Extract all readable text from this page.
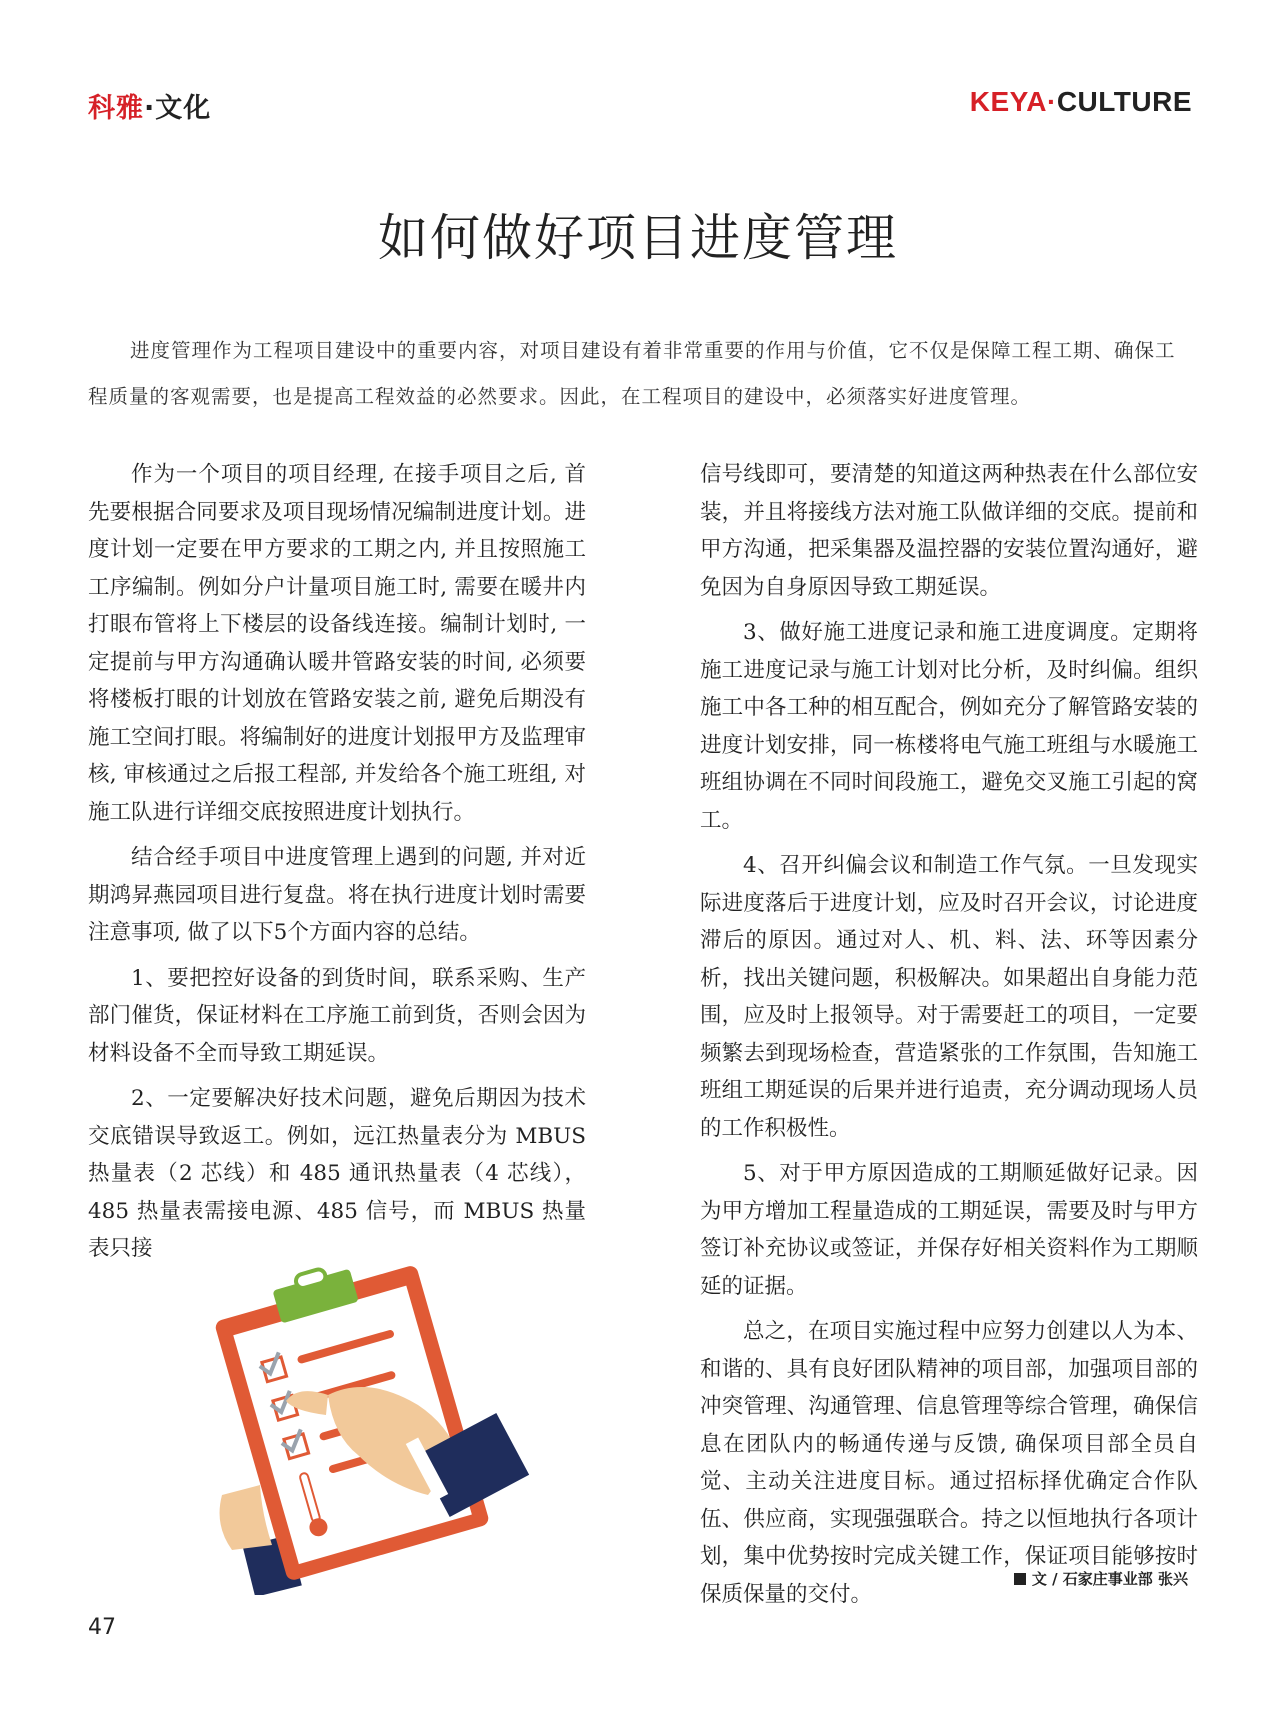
科雅·文化	KEYA·CULTURE
如何做好项目进度管理
进度管理作为工程项目建设中的重要内容，对项目建设有着非常重要的作用与价值，它不仅是保障工程工期、确保工程质量的客观需要，也是提高工程效益的必然要求。因此，在工程项目的建设中，必须落实好进度管理。

作为一个项目的项目经理, 在接手项目之后, 首先要根据合同要求及项目现场情况编制进度计划。进度计划一定要在甲方要求的工期之内, 并且按照施工工序编制。例如分户计量项目施工时, 需要在暖井内打眼布管将上下楼层的设备线连接。编制计划时, 一定提前与甲方沟通确认暖井管路安装的时间, 必须要将楼板打眼的计划放在管路安装之前, 避免后期没有施工空间打眼。将编制好的进度计划报甲方及监理审核, 审核通过之后报工程部, 并发给各个施工班组, 对施工队进行详细交底按照进度计划执行。

结合经手项目中进度管理上遇到的问题, 并对近期鸿昇燕园项目进行复盘。将在执行进度计划时需要注意事项, 做了以下5个方面内容的总结。

1、要把控好设备的到货时间，联系采购、生产部门催货，保证材料在工序施工前到货，否则会因为材料设备不全而导致工期延误。

2、一定要解决好技术问题，避免后期因为技术交底错误导致返工。例如，远江热量表分为 MBUS 热量表（2 芯线）和 485 通讯热量表（4 芯线），485 热量表需接电源、485 信号，而 MBUS 热量表只接

信号线即可，要清楚的知道这两种热表在什么部位安装，并且将接线方法对施工队做详细的交底。提前和甲方沟通，把采集器及温控器的安装位置沟通好，避免因为自身原因导致工期延误。

3、做好施工进度记录和施工进度调度。定期将施工进度记录与施工计划对比分析，及时纠偏。组织施工中各工种的相互配合，例如充分了解管路安装的进度计划安排，同一栋楼将电气施工班组与水暖施工班组协调在不同时间段施工，避免交叉施工引起的窝工。

4、召开纠偏会议和制造工作气氛。一旦发现实际进度落后于进度计划，应及时召开会议，讨论进度滞后的原因。通过对人、机、料、法、环等因素分析，找出关键问题，积极解决。如果超出自身能力范围，应及时上报领导。对于需要赶工的项目，一定要频繁去到现场检查，营造紧张的工作氛围，告知施工班组工期延误的后果并进行追责，充分调动现场人员的工作积极性。

5、对于甲方原因造成的工期顺延做好记录。因为甲方增加工程量造成的工期延误，需要及时与甲方签订补充协议或签证，并保存好相关资料作为工期顺延的证据。

总之，在项目实施过程中应努力创建以人为本、和谐的、具有良好团队精神的项目部，加强项目部的冲突管理、沟通管理、信息管理等综合管理，确保信息在团队内的畅通传递与反馈, 确保项目部全员自觉、主动关注进度目标。通过招标择优确定合作队伍、供应商，实现强强联合。持之以恒地执行各项计划，集中优势按时完成关键工作，保证项目能够按时保质保量的交付。

文 / 石家庄事业部 张兴
47
